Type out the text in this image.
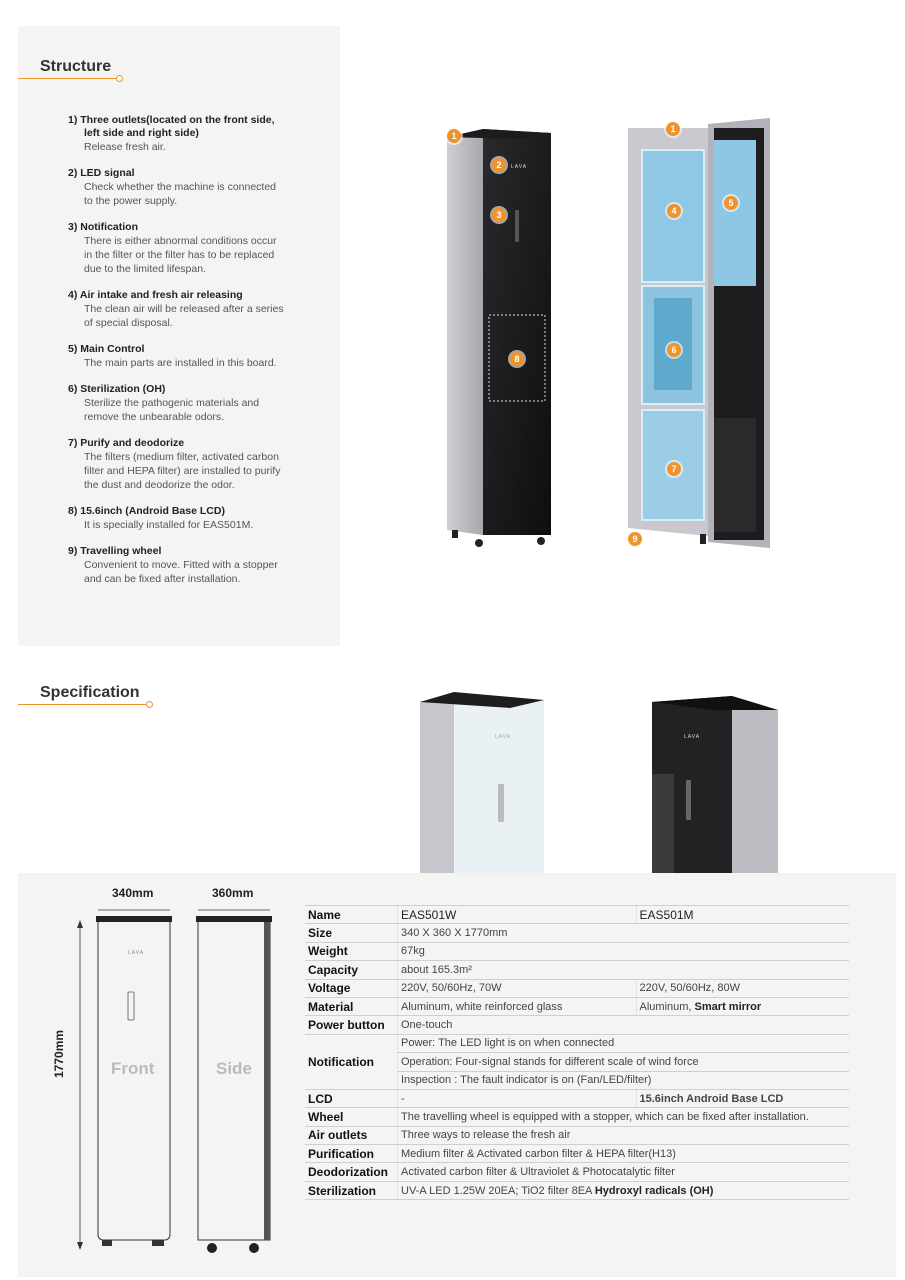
Structure
1) Three outlets(located on the front side,
left side and right side)

Release fresh air.

2) LED signal

Check whether the machine is connected

to the power supply.

3) Notification

There is either abnormal conditions occur

in the filter or the filter has to be replaced

due to the limited lifespan.

4) Air intake and fresh air releasing

The clean air will be released after a series

of special disposal.

5) Main Control

The main parts are installed in this board.

6) Sterilization (OH)

Sterilize the pathogenic materials and

remove the unbearable odors.

7) Purify and deodorize

The filters (medium filter, activated carbon

filter and HEPA filter) are installed to purify

the dust and deodorize the odor.

8) 15.6inch (Android Base LCD)

It is specially installed for EAS501M.

9) Travelling wheel

Convenient to move. Fitted with a stopper

and can be fixed after installation.

LAVA
1
2
3
8
1
4
5
6
7
9
Specification
LAVA	LAVA
340mm	360mm
1770mm
LAVA
Front	Side
Name	EAS501W	EAS501M
Size	340 X 360 X 1770mm	
Weight	67kg	
Capacity	about 165.3m²	
Voltage	220V, 50/60Hz, 70W	220V, 50/60Hz, 80W
Material	Aluminum, white reinforced glass	Aluminum, Smart mirror
Power button	One-touch	
Notification	Power: The LED light is on when connected	
	Operation: Four-signal stands for different scale of wind force	
	Inspection : The fault indicator is on (Fan/LED/filter)	
LCD	-	15.6inch Android Base LCD
Wheel	The travelling wheel is equipped with a stopper, which can be fixed after installation.	
Air outlets	Three ways to release the fresh air	
Purification	Medium filter & Activated carbon filter & HEPA filter(H13)	
Deodorization	Activated carbon filter & Ultraviolet & Photocatalytic filter	
Sterilization	UV-A LED 1.25W 20EA; TiO2 filter 8EA Hydroxyl radicals (OH)	
